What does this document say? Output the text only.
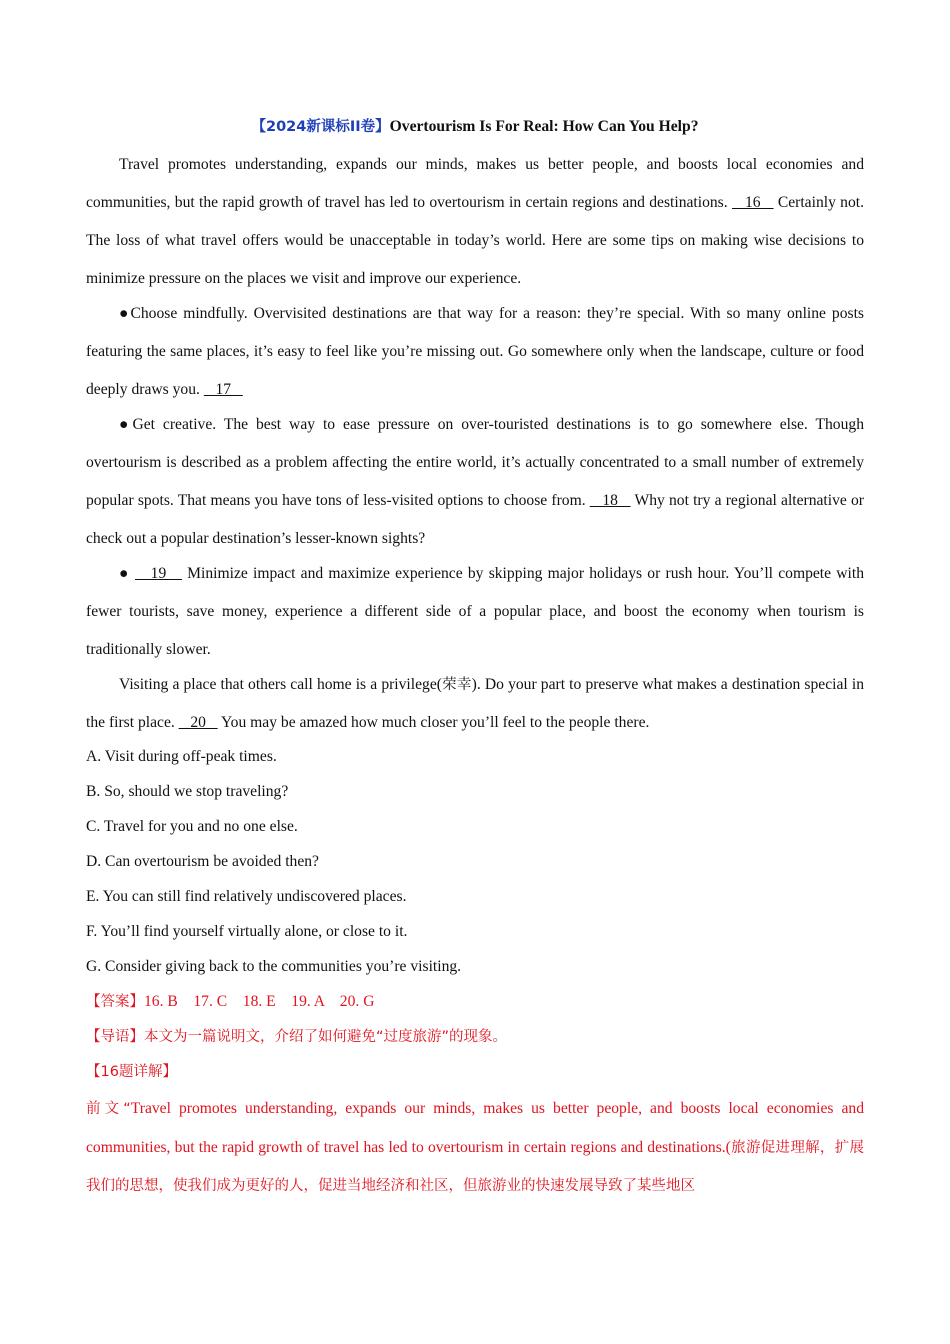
【2024新课标ⅠⅠ卷】Overtourism Is For Real: How Can You Help?

Travel promotes understanding, expands our minds, makes us better people, and boosts local economies and communities, but the rapid growth of travel has led to overtourism in certain regions and destinations.    16    Certainly not. The loss of what travel offers would be unacceptable in today’s world. Here are some tips on making wise decisions to minimize pressure on the places we visit and improve our experience.

●Choose mindfully. Overvisited destinations are that way for a reason: they’re special. With so many online posts featuring the same places, it’s easy to feel like you’re missing out. Go somewhere only when the landscape, culture or food deeply draws you.    17

●Get creative. The best way to ease pressure on over-touristed destinations is to go somewhere else. Though overtourism is described as a problem affecting the entire world, it’s actually concentrated to a small number of extremely popular spots. That means you have tons of less-visited options to choose from.    18    Why not try a regional alternative or check out a popular destination’s lesser-known sights?

●    19    Minimize impact and maximize experience by skipping major holidays or rush hour. You’ll compete with fewer tourists, save money, experience a different side of a popular place, and boost the economy when tourism is traditionally slower.

Visiting a place that others call home is a privilege(荣幸). Do your part to preserve what makes a destination special in the first place.    20    You may be amazed how much closer you’ll feel to the people there.

A. Visit during off-peak times.

B. So, should we stop traveling?

C. Travel for you and no one else.

D. Can overtourism be avoided then?

E. You can still find relatively undiscovered places.

F. You’ll find yourself virtually alone, or close to it.

G. Consider giving back to the communities you’re visiting.

【答案】16. B    17. C    18. E    19. A    20. G

【导语】本文为一篇说明文，介绍了如何避免“过度旅游”的现象。

【16题详解】

前文“Travel promotes understanding, expands our minds, makes us better people, and boosts local economies and communities, but the rapid growth of travel has led to overtourism in certain regions and destinations.(旅游促进理解，扩展我们的思想，使我们成为更好的人，促进当地经济和社区，但旅游业的快速发展导致了某些地区
